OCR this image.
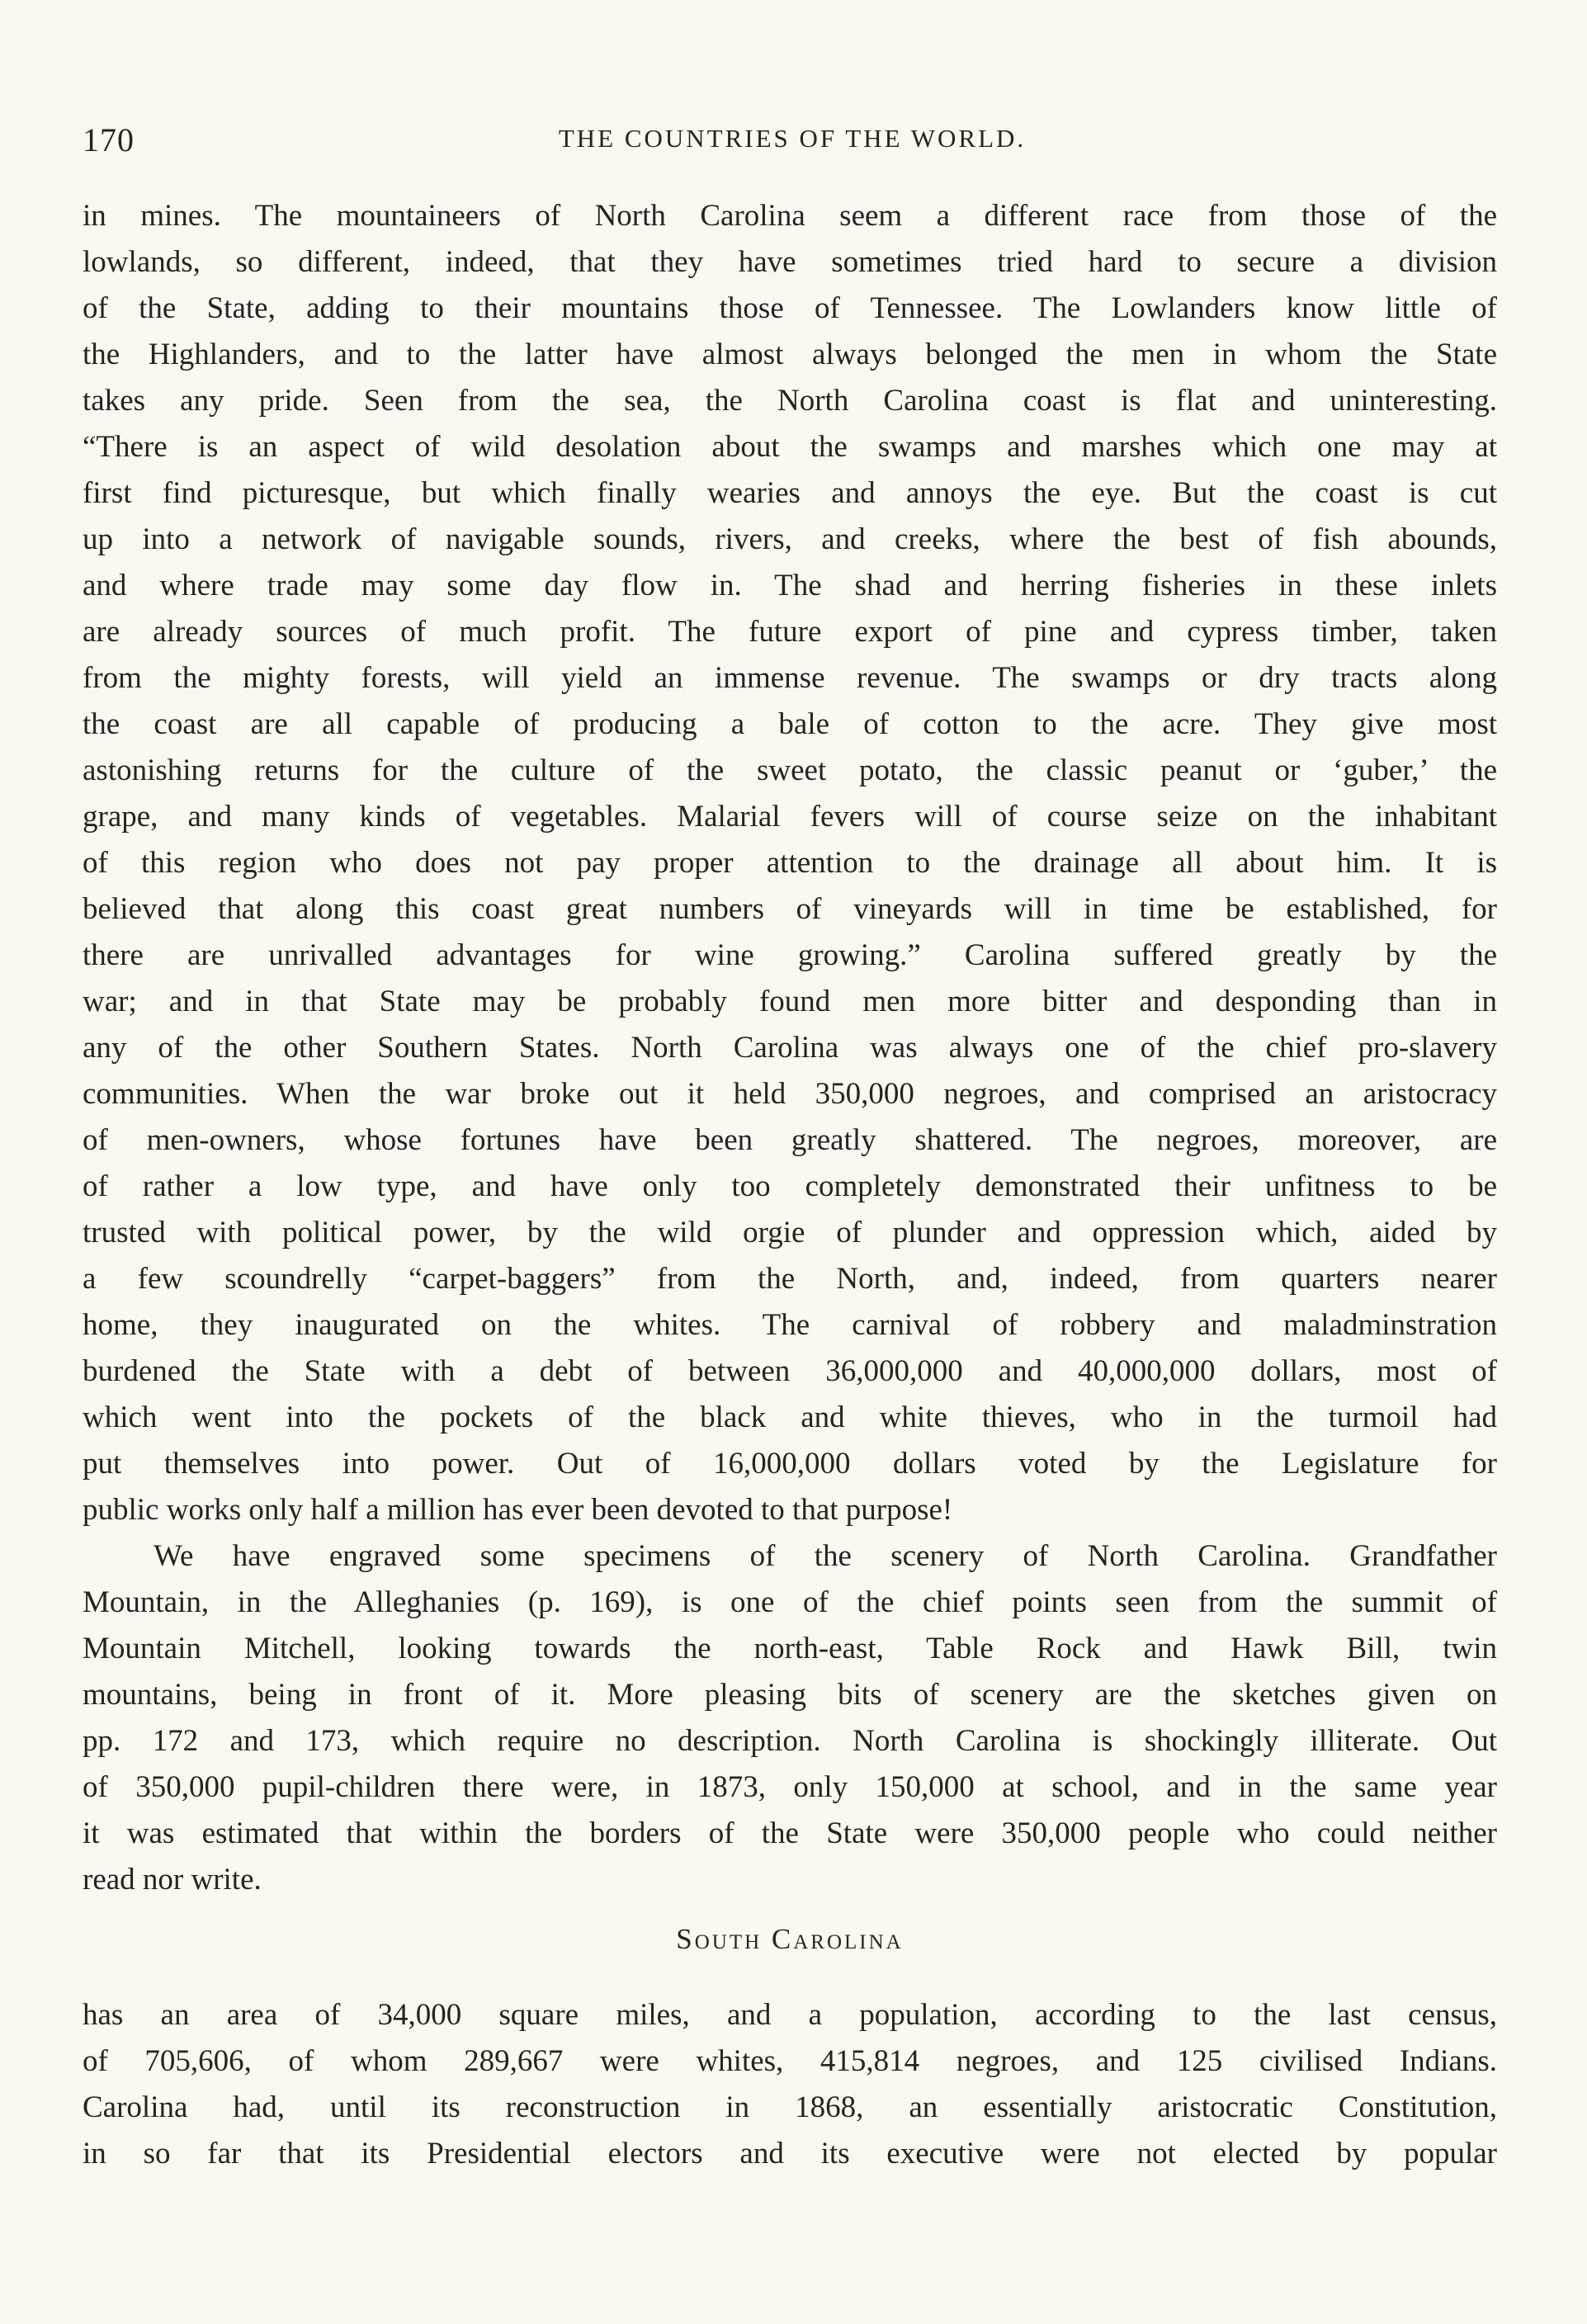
170	THE COUNTRIES OF THE WORLD.
in mines. The mountaineers of North Carolina seem a different race from those of the
lowlands, so different, indeed, that they have sometimes tried hard to secure a division
of the State, adding to their mountains those of Tennessee. The Lowlanders know little of
the Highlanders, and to the latter have almost always belonged the men in whom the State
takes any pride. Seen from the sea, the North Carolina coast is flat and uninteresting.
“There is an aspect of wild desolation about the swamps and marshes which one may at
first find picturesque, but which finally wearies and annoys the eye. But the coast is cut
up into a network of navigable sounds, rivers, and creeks, where the best of fish abounds,
and where trade may some day flow in. The shad and herring fisheries in these inlets
are already sources of much profit. The future export of pine and cypress timber, taken
from the mighty forests, will yield an immense revenue. The swamps or dry tracts along
the coast are all capable of producing a bale of cotton to the acre. They give most
astonishing returns for the culture of the sweet potato, the classic peanut or ‘guber,’ the
grape, and many kinds of vegetables. Malarial fevers will of course seize on the inhabitant
of this region who does not pay proper attention to the drainage all about him. It is
believed that along this coast great numbers of vineyards will in time be established, for
there are unrivalled advantages for wine growing.” Carolina suffered greatly by the
war; and in that State may be probably found men more bitter and desponding than in
any of the other Southern States. North Carolina was always one of the chief pro-slavery
communities. When the war broke out it held 350,000 negroes, and comprised an aristocracy
of men-owners, whose fortunes have been greatly shattered. The negroes, moreover, are
of rather a low type, and have only too completely demonstrated their unfitness to be
trusted with political power, by the wild orgie of plunder and oppression which, aided by
a few scoundrelly “carpet-baggers” from the North, and, indeed, from quarters nearer
home, they inaugurated on the whites. The carnival of robbery and maladminstration
burdened the State with a debt of between 36,000,000 and 40,000,000 dollars, most of
which went into the pockets of the black and white thieves, who in the turmoil had
put themselves into power. Out of 16,000,000 dollars voted by the Legislature for
public works only half a million has ever been devoted to that purpose!
We have engraved some specimens of the scenery of North Carolina. Grandfather
Mountain, in the Alleghanies (p. 169), is one of the chief points seen from the summit of
Mountain Mitchell, looking towards the north-east, Table Rock and Hawk Bill, twin
mountains, being in front of it. More pleasing bits of scenery are the sketches given on
pp. 172 and 173, which require no description. North Carolina is shockingly illiterate. Out
of 350,000 pupil-children there were, in 1873, only 150,000 at school, and in the same year
it was estimated that within the borders of the State were 350,000 people who could neither
read nor write.
South Carolina
has an area of 34,000 square miles, and a population, according to the last census,
of 705,606, of whom 289,667 were whites, 415,814 negroes, and 125 civilised Indians.
Carolina had, until its reconstruction in 1868, an essentially aristocratic Constitution,
in so far that its Presidential electors and its executive were not elected by popular
